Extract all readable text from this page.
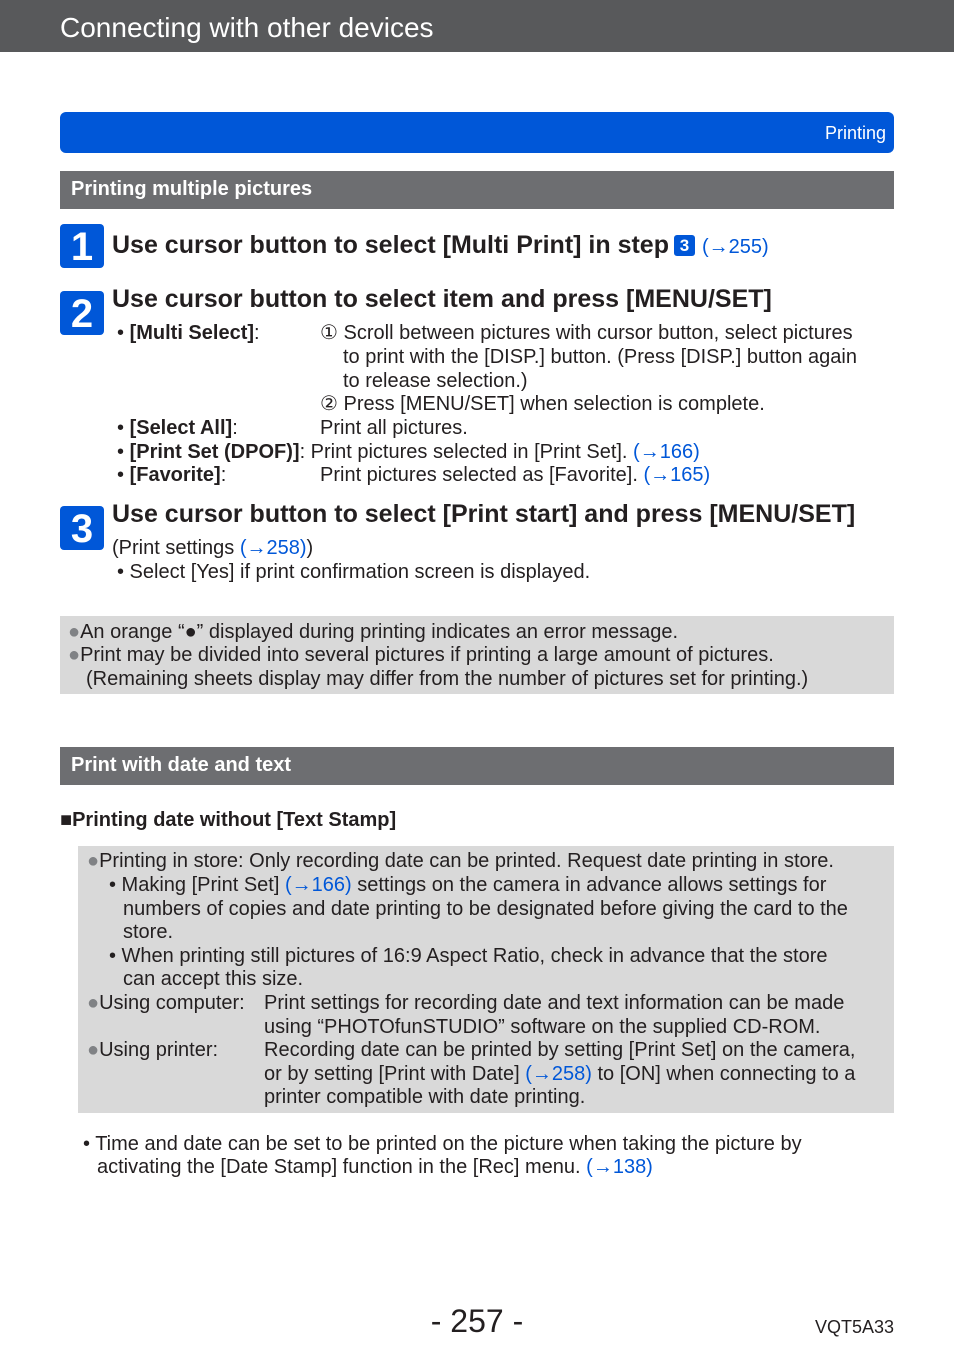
Connecting with other devices
Printing
Printing multiple pictures
1 Use cursor button to select [Multi Print] in step 3 (→255)
2 Use cursor button to select item and press [MENU/SET]
• [Multi Select]:	① Scroll between pictures with cursor button, select pictures
to print with the [DISP.] button. (Press [DISP.] button again
to release selection.)
② Press [MENU/SET] when selection is complete.
• [Select All]:	Print all pictures.
• [Print Set (DPOF)]: Print pictures selected in [Print Set]. (→166)
• [Favorite]:	Print pictures selected as [Favorite]. (→165)
3 Use cursor button to select [Print start] and press [MENU/SET]
(Print settings (→258))
• Select [Yes] if print confirmation screen is displayed.
●An orange “●” displayed during printing indicates an error message.
●Print may be divided into several pictures if printing a large amount of pictures.
(Remaining sheets display may differ from the number of pictures set for printing.)
Print with date and text
■Printing date without [Text Stamp]
●Printing in store: Only recording date can be printed. Request date printing in store.
• Making [Print Set] (→166) settings on the camera in advance allows settings for
numbers of copies and date printing to be designated before giving the card to the
store.
• When printing still pictures of 16:9 Aspect Ratio, check in advance that the store
can accept this size.
●Using computer: Print settings for recording date and text information can be made
using “PHOTOfunSTUDIO” software on the supplied CD-ROM.
●Using printer: Recording date can be printed by setting [Print Set] on the camera,
or by setting [Print with Date] (→258) to [ON] when connecting to a
printer compatible with date printing.
• Time and date can be set to be printed on the picture when taking the picture by
activating the [Date Stamp] function in the [Rec] menu. (→138)
- 257 -	VQT5A33
